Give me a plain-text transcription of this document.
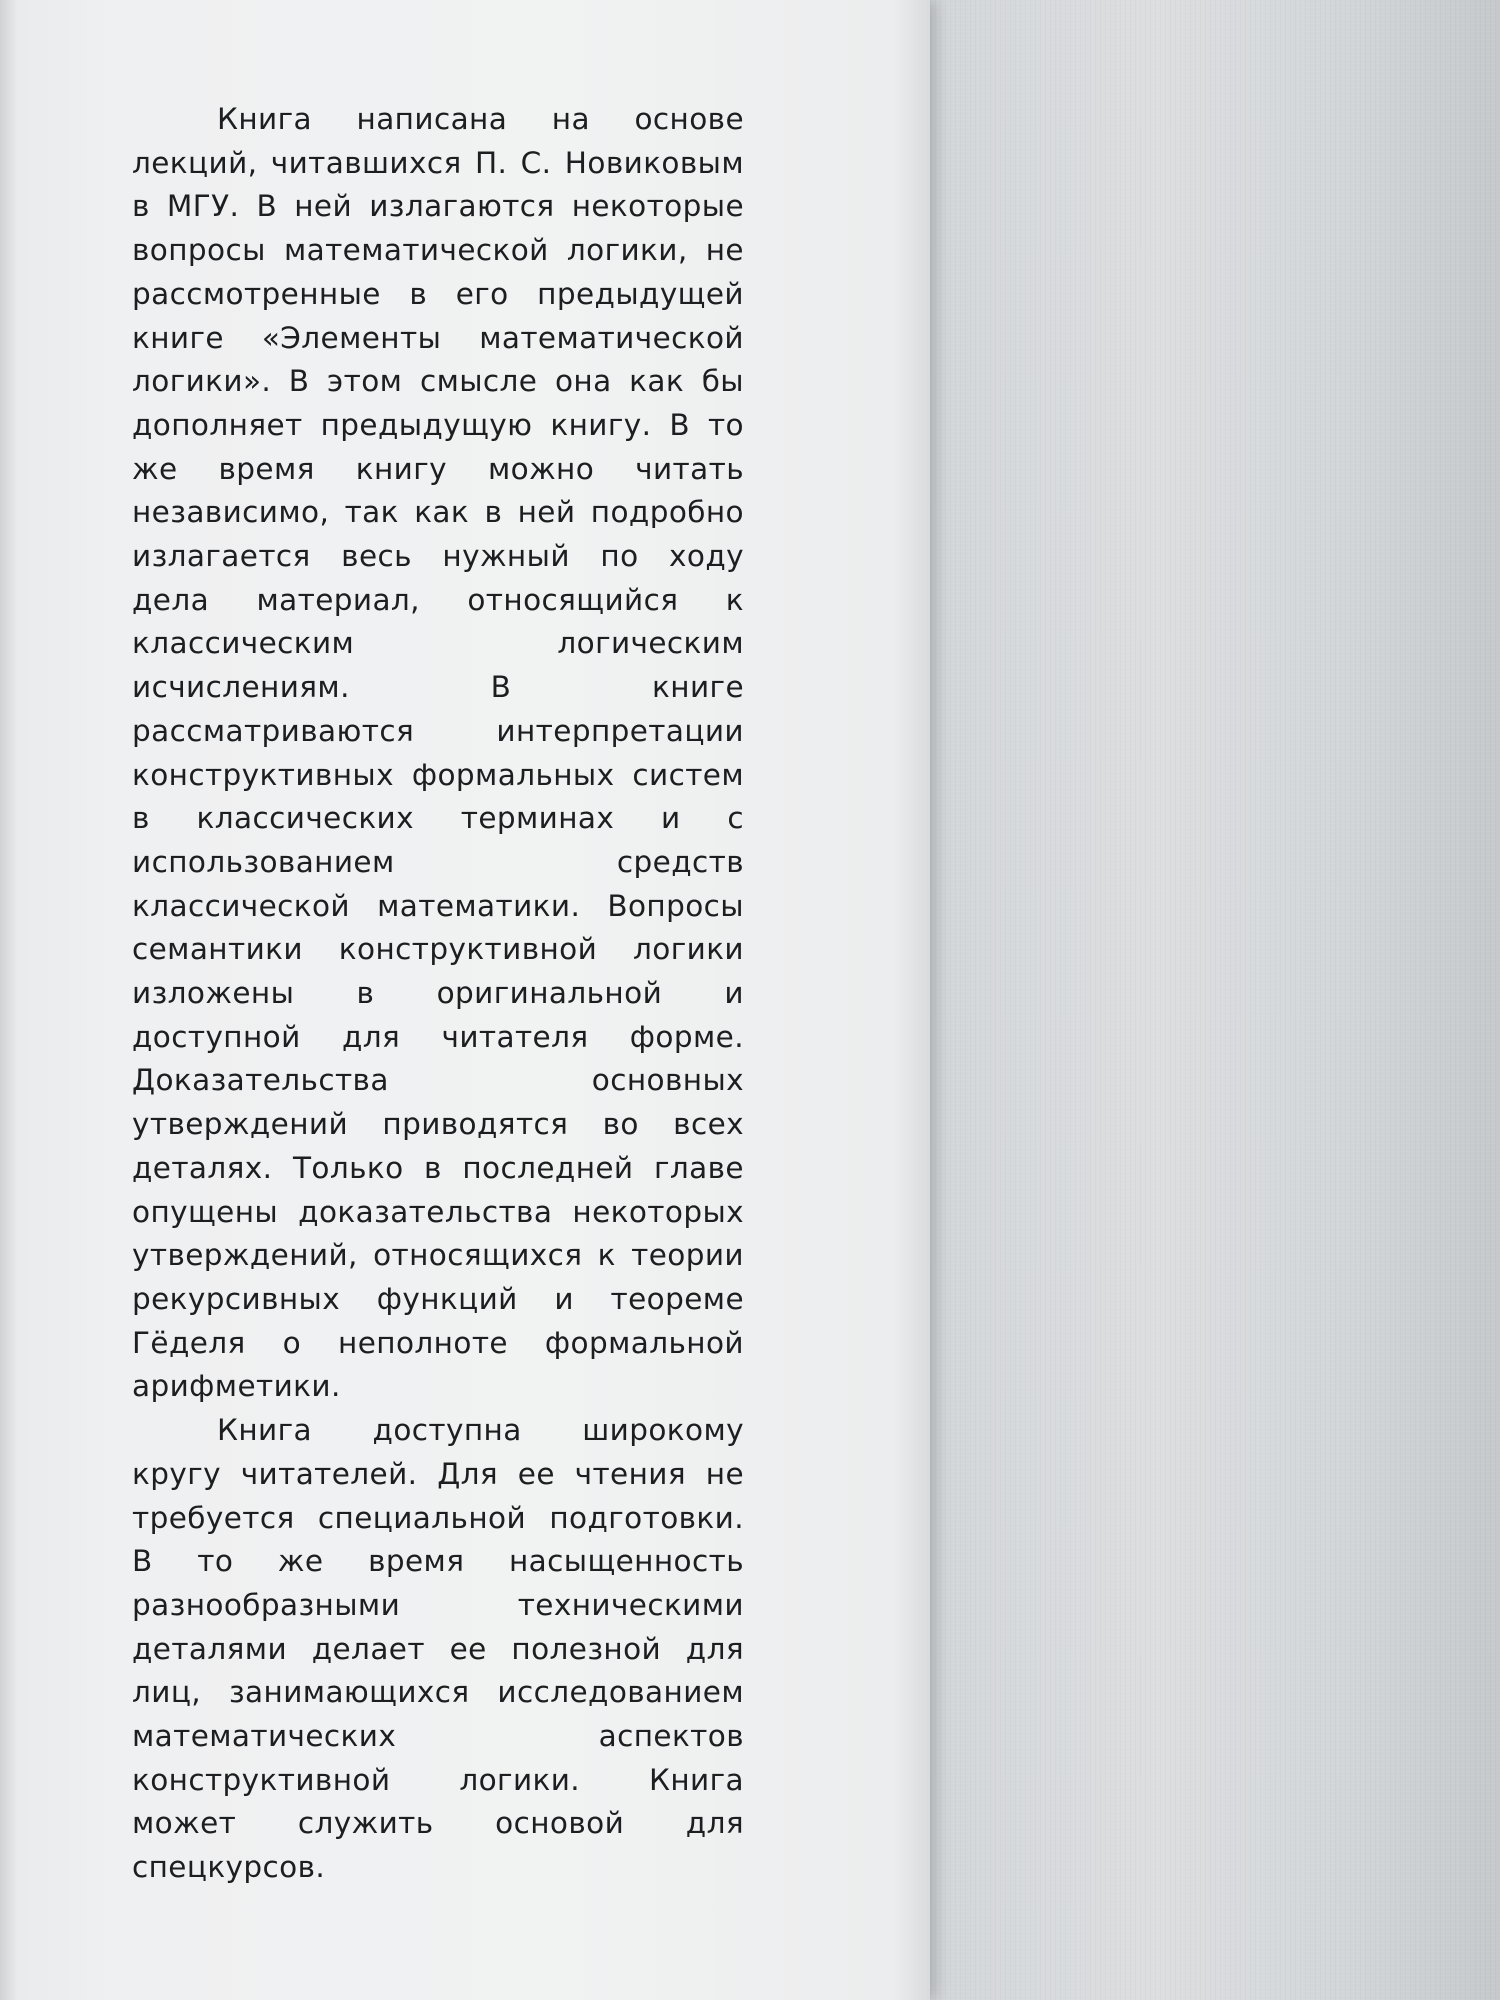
Книга написана на основе лекций, читавшихся П. С. Новиковым в МГУ. В ней излагаются некоторые вопросы математической логики, не рассмотренные в его предыдущей книге «Элементы математической логики». В этом смысле она как бы дополняет предыдущую книгу. В то же время книгу можно читать независимо, так как в ней подробно излагается весь нужный по ходу дела материал, относящийся к классическим логическим исчислениям. В книге рассматриваются интерпретации конструктивных формальных систем в классических терминах и с использованием средств классической математики. Вопросы семантики конструктивной логики изложены в оригинальной и доступной для читателя форме. Доказательства основных утверждений приводятся во всех деталях. Только в последней главе опущены доказательства некоторых утверждений, относящихся к теории рекурсивных функций и теореме Гёделя о неполноте формальной арифметики.

Книга доступна широкому кругу читателей. Для ее чтения не требуется специальной подготовки. В то же время насыщенность разнообразными техническими деталями делает ее полезной для лиц, занимающихся исследованием математических аспектов конструктивной логики. Книга может служить основой для спецкурсов.
